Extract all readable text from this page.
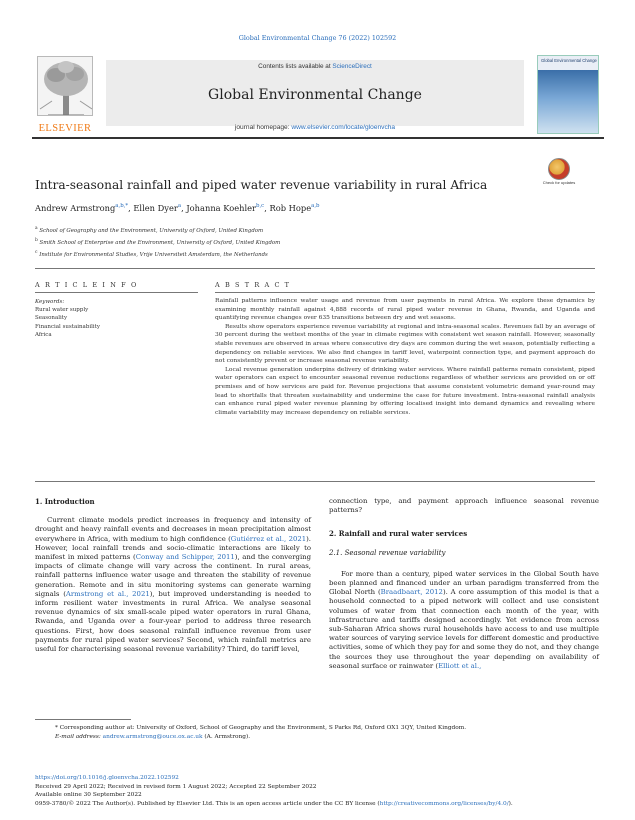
Global Environmental Change 76 (2022) 102592
ELSEVIER
Contents lists available at ScienceDirect
Global Environmental Change
journal homepage: www.elsevier.com/locate/gloenvcha
Global Environmental Change
Intra-seasonal rainfall and piped water revenue variability in rural Africa	Check for updates
Andrew Armstrong$^{a,b,*}$, Ellen Dyer$^a$, Johanna Koehler$^{b,c}$, Rob Hope$^{a,b}$
$^a$ School of Geography and the Environment, University of Oxford, United Kingdom
$^b$ Smith School of Enterprise and the Environment, University of Oxford, United Kingdom
$^c$ Institute for Environmental Studies, Vrije Universiteit Amsterdam, the Netherlands
A R T I C L E I N F O	A B S T R A C T
Keywords:
Rural water supply
Seasonality
Financial sustainability
Africa

Rainfall patterns influence water usage and revenue from user payments in rural Africa. We explore these dynamics by examining monthly rainfall against 4,888 records of rural piped water revenue in Ghana, Rwanda, and Uganda and quantifying revenue changes over 635 transitions between dry and wet seasons.

Results show operators experience revenue variability at regional and intra-seasonal scales. Revenues fall by an average of 30 percent during the wettest months of the year in climate regimes with consistent wet season rainfall. However, seasonally stable revenues are observed in areas where consecutive dry days are common during the wet season, potentially reflecting a dependency on reliable services. We also find changes in tariff level, waterpoint connection type, and payment approach do not consistently prevent or increase seasonal revenue variability.

Local revenue generation underpins delivery of drinking water services. Where rainfall patterns remain consistent, piped water operators can expect to encounter seasonal revenue reductions regardless of whether services are provided on or off premises and of how services are paid for. Revenue projections that assume consistent volumetric demand year-round may lead to shortfalls that threaten sustainability and undermine the case for future investment. Intra-seasonal rainfall analysis can enhance rural piped water revenue planning by offering localised insight into demand dynamics and revealing where climate variability may increase dependency on reliable services.

1. Introduction

Current climate models predict increases in frequency and intensity of drought and heavy rainfall events and decreases in mean precipitation almost everywhere in Africa, with medium to high confidence (Gutiérrez et al., 2021). However, local rainfall trends and socio-climatic interactions are likely to manifest in mixed patterns (Conway and Schipper, 2011), and the converging impacts of climate change will vary across the continent. In rural areas, rainfall patterns influence water usage and threaten the stability of revenue generation. Remote and in situ monitoring systems can generate warning signals (Armstrong et al., 2021), but improved understanding is needed to inform resilient water investments in rural Africa. We analyse seasonal revenue dynamics of six small-scale piped water operators in rural Ghana, Rwanda, and Uganda over a four-year period to address three research questions. First, how does seasonal rainfall influence revenue from user payments for rural piped water services? Second, which rainfall metrics are useful for characterising seasonal revenue variability? Third, do tariff level,

connection type, and payment approach influence seasonal revenue patterns?

2. Rainfall and rural water services
2.1. Seasonal revenue variability

For more than a century, piped water services in the Global South have been planned and financed under an urban paradigm transferred from the Global North (Braadbaart, 2012). A core assumption of this model is that a household connected to a piped network will collect and use consistent volumes of water from that connection each month of the year, with infrastructure and tariffs designed accordingly. Yet evidence from across sub-Saharan Africa shows rural households have access to and use multiple water sources of varying service levels for different domestic and productive activities, some of which they pay for and some they do not, and they change the sources they use throughout the year depending on availability of seasonal surface or rainwater (Elliott et al.,

* Corresponding author at: University of Oxford, School of Geography and the Environment, S Parks Rd, Oxford OX1 3QY, United Kingdom.
E-mail address: andrew.armstrong@ouce.ox.ac.uk (A. Armstrong).
https://doi.org/10.1016/j.gloenvcha.2022.102592
Received 29 April 2022; Received in revised form 1 August 2022; Accepted 22 September 2022
Available online 30 September 2022
0959-3780/© 2022 The Author(s). Published by Elsevier Ltd. This is an open access article under the CC BY license (http://creativecommons.org/licenses/by/4.0/).
